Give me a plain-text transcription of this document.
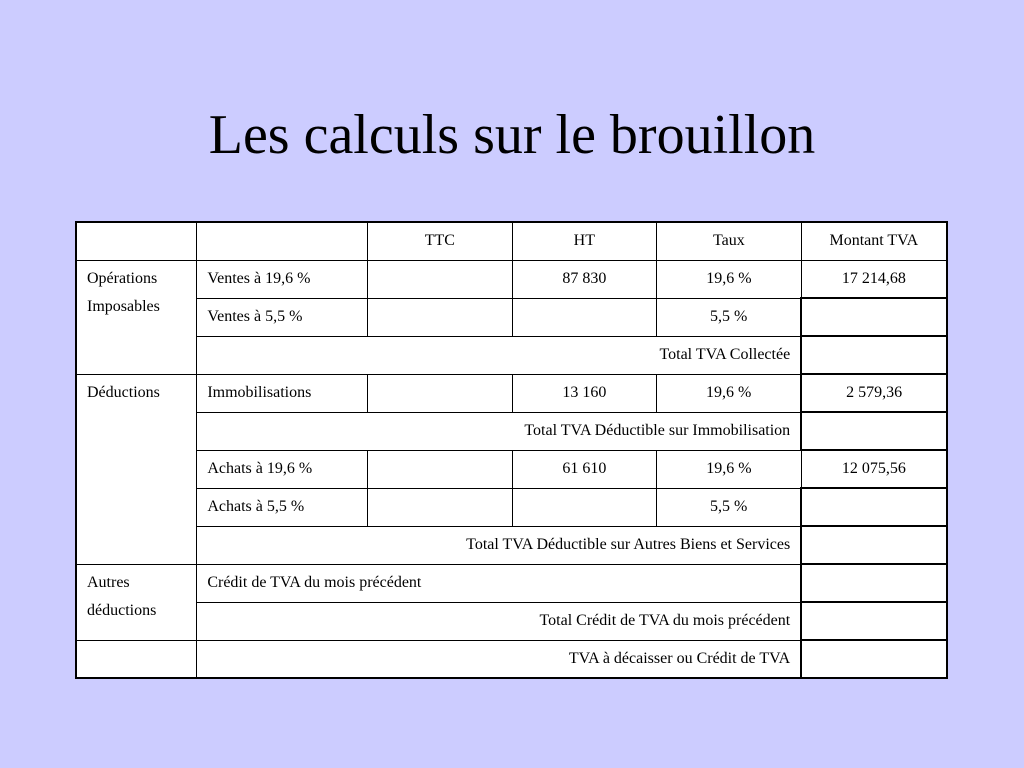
Les calculs sur le brouillon
		TTC	HT	Taux	Montant TVA
Opérations Imposables	Ventes à 19,6 %		87 830	19,6 %	17 214,68
	Ventes à 5,5 %			5,5 %	
	Total TVA Collectée				
Déductions	Immobilisations		13 160	19,6 %	2 579,36
	Total TVA Déductible sur Immobilisation				
	Achats à 19,6 %		61 610	19,6 %	12 075,56
	Achats à 5,5 %			5,5 %	
	Total TVA Déductible sur Autres Biens et Services				
Autres déductions	Crédit de TVA du mois précédent				
	Total Crédit de TVA du mois précédent				
	TVA à décaisser ou Crédit de TVA				
